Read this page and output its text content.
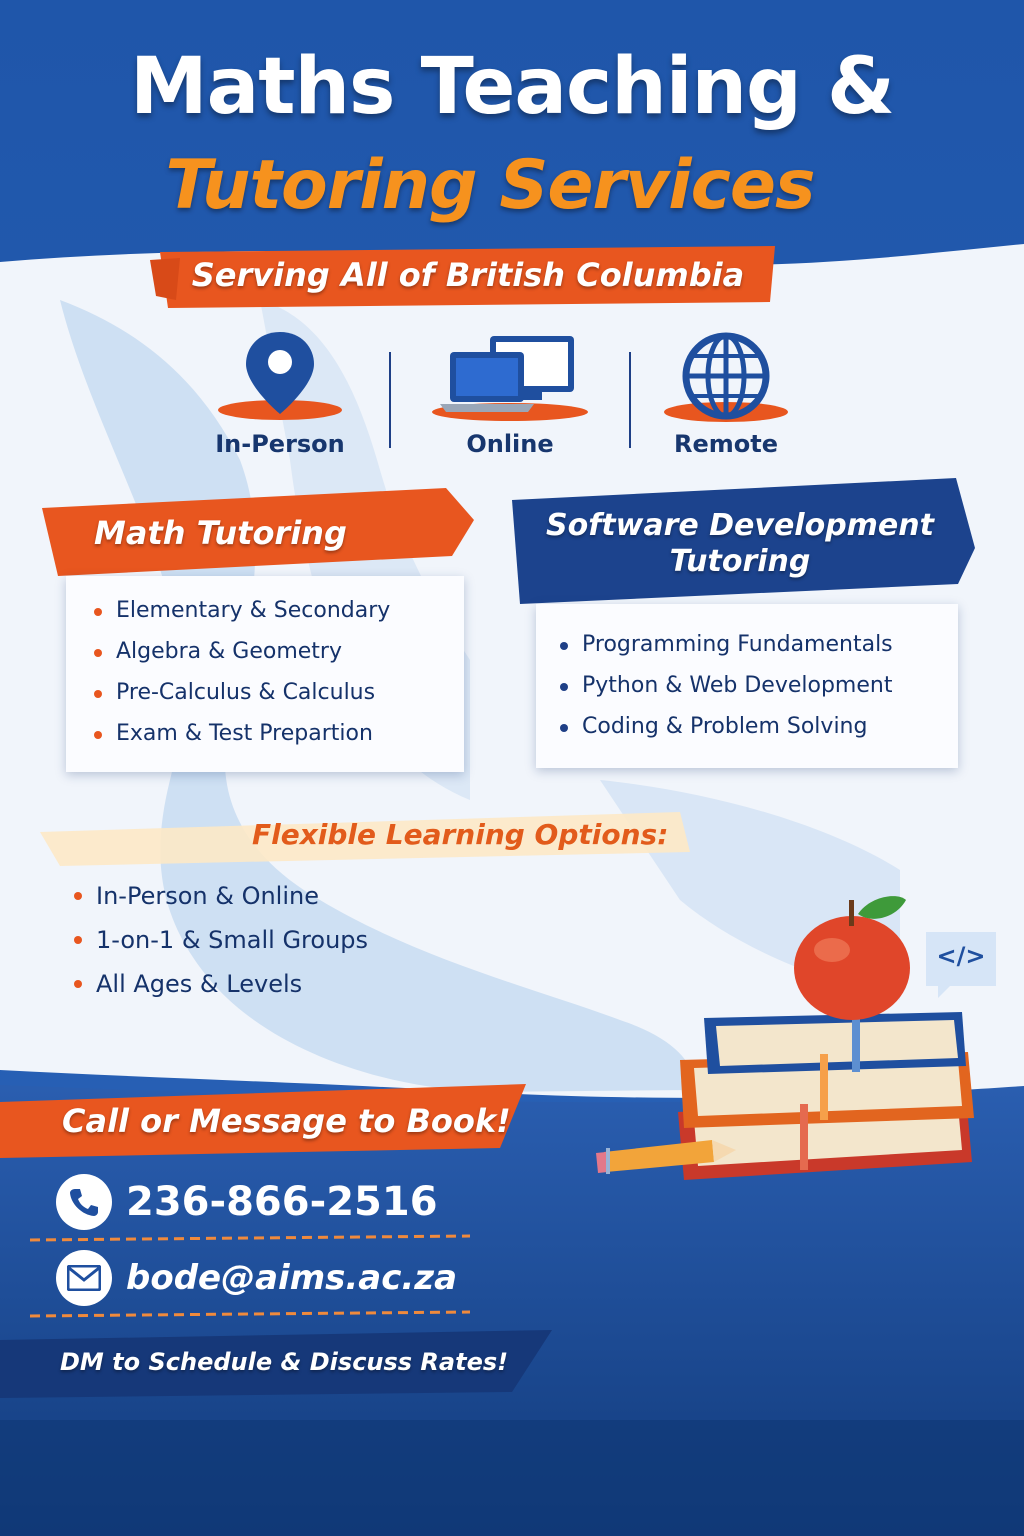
Maths Teaching &
Tutoring Services
Serving All of British Columbia
In-Person	Online	Remote
Elementary & Secondary
Algebra & Geometry
Pre-Calculus & Calculus
Exam & Test Prepartion
Math Tutoring
Programming Fundamentals
Python & Web Development
Coding & Problem Solving
Software Development
Tutoring
Flexible Learning Options:
In-Person & Online
1-on-1 & Small Groups
All Ages & Levels
</>
Call or Message to Book!
236-866-2516
bode@aims.ac.za
DM to Schedule & Discuss Rates!
